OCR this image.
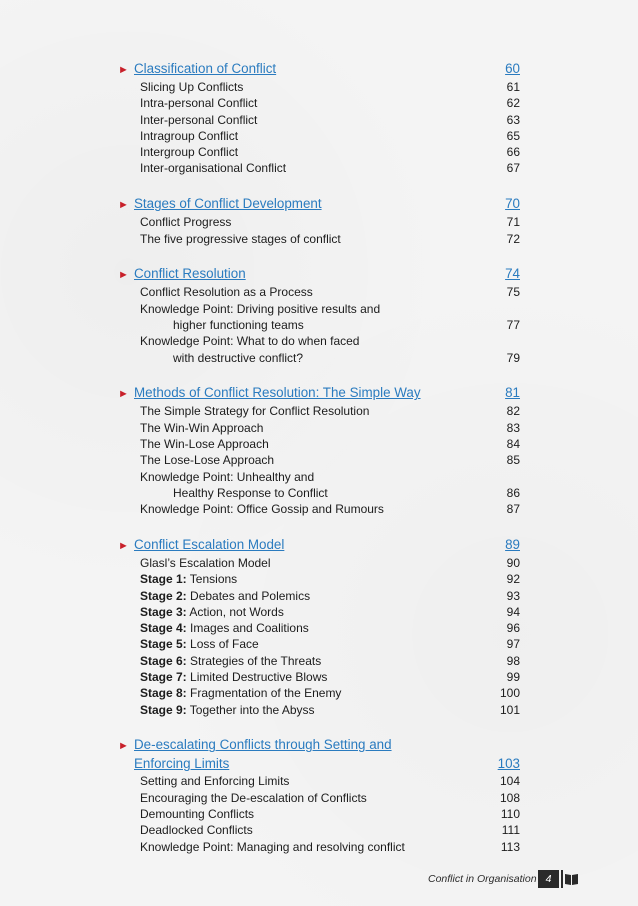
► Classification of Conflict	60
Slicing Up Conflicts	61
Intra-personal Conflict	62
Inter-personal Conflict	63
Intragroup Conflict	65
Intergroup Conflict	66
Inter-organisational Conflict	67
► Stages of Conflict Development	70
Conflict Progress	71
The five progressive stages of conflict	72
► Conflict Resolution	74
Conflict Resolution as a Process	75
Knowledge Point: Driving positive results and
higher functioning teams	77
Knowledge Point: What to do when faced
with destructive conflict?	79
► Methods of Conflict Resolution: The Simple Way	81
The Simple Strategy for Conflict Resolution	82
The Win-Win Approach	83
The Win-Lose Approach	84
The Lose-Lose Approach	85
Knowledge Point: Unhealthy and
Healthy Response to Conflict	86
Knowledge Point: Office Gossip and Rumours	87
► Conflict Escalation Model	89
Glasl’s Escalation Model	90
Stage 1: Tensions	92
Stage 2: Debates and Polemics	93
Stage 3: Action, not Words	94
Stage 4: Images and Coalitions	96
Stage 5: Loss of Face	97
Stage 6: Strategies of the Threats	98
Stage 7: Limited Destructive Blows	99
Stage 8: Fragmentation of the Enemy	100
Stage 9: Together into the Abyss	101
► De-escalating Conflicts through Setting and
Enforcing Limits	103
Setting and Enforcing Limits	104
Encouraging the De-escalation of Conflicts	108
Demounting Conflicts	110
Deadlocked Conflicts	111
Knowledge Point: Managing and resolving conflict	113
Conflict in Organisation 4
